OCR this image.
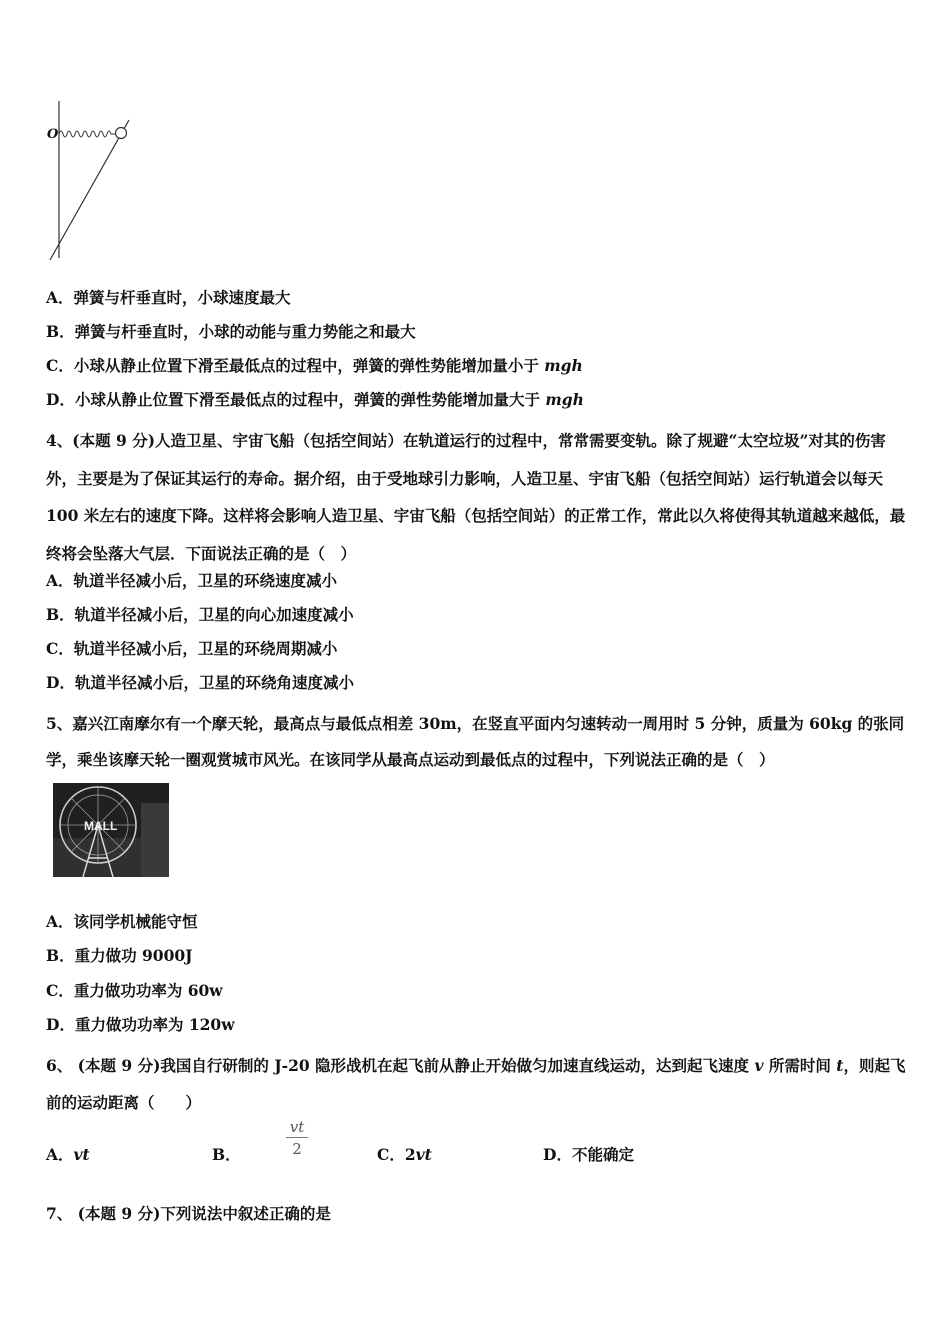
O
A．弹簧与杆垂直时，小球速度最大
B．弹簧与杆垂直时，小球的动能与重力势能之和最大
C．小球从静止位置下滑至最低点的过程中，弹簧的弹性势能增加量小于 mgh
D．小球从静止位置下滑至最低点的过程中，弹簧的弹性势能增加量大于 mgh
4、(本题 9 分)人造卫星、宇宙飞船（包括空间站）在轨道运行的过程中，常常需要变轨。除了规避“太空垃圾”对其的伤害外，主要是为了保证其运行的寿命。据介绍，由于受地球引力影响，人造卫星、宇宙飞船（包括空间站）运行轨道会以每天 100 米左右的速度下降。这样将会影响人造卫星、宇宙飞船（包括空间站）的正常工作，常此以久将使得其轨道越来越低，最终将会坠落大气层．下面说法正确的是（　）
A．轨道半径减小后，卫星的环绕速度减小
B．轨道半径减小后，卫星的向心加速度减小
C．轨道半径减小后，卫星的环绕周期减小
D．轨道半径减小后，卫星的环绕角速度减小
5、嘉兴江南摩尔有一个摩天轮，最高点与最低点相差 30m，在竖直平面内匀速转动一周用时 5 分钟，质量为 60kg 的张同学，乘坐该摩天轮一圈观赏城市风光。在该同学从最高点运动到最低点的过程中，下列说法正确的是（　）
MALL
A．该同学机械能守恒
B．重力做功 9000J
C．重力做功功率为 60w
D．重力做功功率为 120w
6、 (本题 9 分)我国自行研制的 J-20 隐形战机在起飞前从静止开始做匀加速直线运动，达到起飞速度 v 所需时间 t，则起飞前的运动距离（　　）
A．vt	B．	$\frac{vt}{2}$	C．2vt	D．不能确定
7、 (本题 9 分)下列说法中叙述正确的是
